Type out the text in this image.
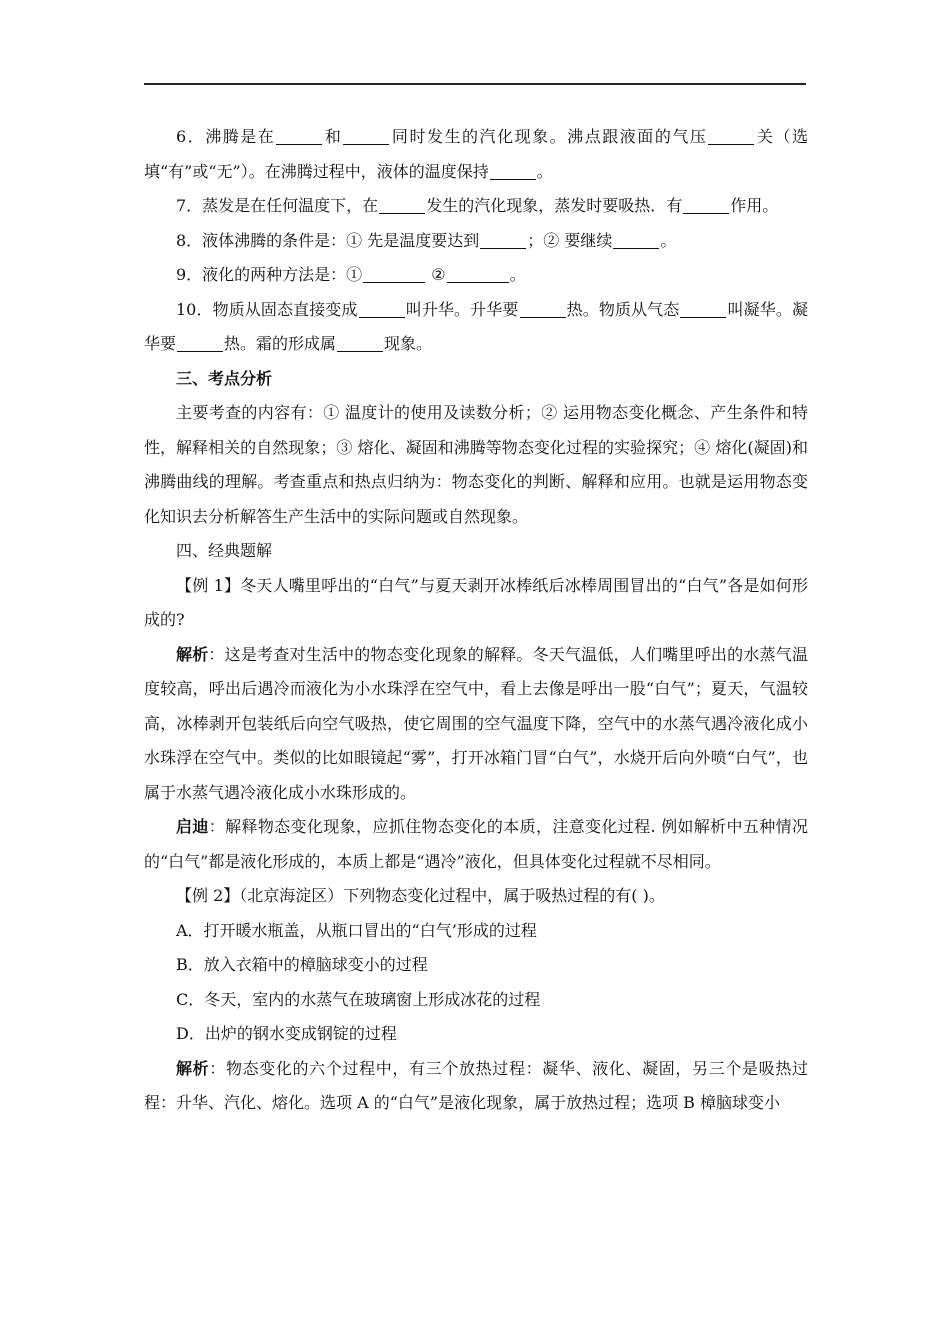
6．沸腾是在	和	同时发生的汽化现象。沸点跟液面的气压	关（选填“有”或“无”）。在沸腾过程中，液体的温度保持	。

7．蒸发是在任何温度下，在	发生的汽化现象，蒸发时要吸热．有	作用。

8．液体沸腾的条件是：① 先是温度要达到	；② 要继续	。

9．液化的两种方法是：①	②	。

10．物质从固态直接变成	叫升华。升华要	热。物质从气态	叫凝华。凝华要	热。霜的形成属	现象。

三、考点分析

主要考查的内容有：① 温度计的使用及读数分析；② 运用物态变化概念、产生条件和特性，解释相关的自然现象；③ 熔化、凝固和沸腾等物态变化过程的实验探究；④ 熔化(凝固)和沸腾曲线的理解。考查重点和热点归纳为：物态变化的判断、解释和应用。也就是运用物态变化知识去分析解答生产生活中的实际问题或自然现象。

四、经典题解

【例 1】冬天人嘴里呼出的“白气”与夏天剥开冰棒纸后冰棒周围冒出的“白气”各是如何形成的?

解析：这是考查对生活中的物态变化现象的解释。冬天气温低，人们嘴里呼出的水蒸气温度较高，呼出后遇冷而液化为小水珠浮在空气中，看上去像是呼出一股“白气”；夏天，气温较高，冰棒剥开包装纸后向空气吸热，使它周围的空气温度下降，空气中的水蒸气遇冷液化成小水珠浮在空气中。类似的比如眼镜起“雾”，打开冰箱门冒“白气”，水烧开后向外喷“白气”，也属于水蒸气遇冷液化成小水珠形成的。

启迪：解释物态变化现象，应抓住物态变化的本质，注意变化过程. 例如解析中五种情况的“白气”都是液化形成的，本质上都是“遇冷”液化，但具体变化过程就不尽相同。

【例 2】（北京海淀区）下列物态变化过程中，属于吸热过程的有( )。

A．打开暖水瓶盖，从瓶口冒出的“白气’形成的过程

B．放入衣箱中的樟脑球变小的过程

C．冬天，室内的水蒸气在玻璃窗上形成冰花的过程

D．出炉的钢水变成钢锭的过程

解析：物态变化的六个过程中，有三个放热过程：凝华、液化、凝固，另三个是吸热过程：升华、汽化、熔化。选项 A 的“白气”是液化现象，属于放热过程；选项 B 樟脑球变小
